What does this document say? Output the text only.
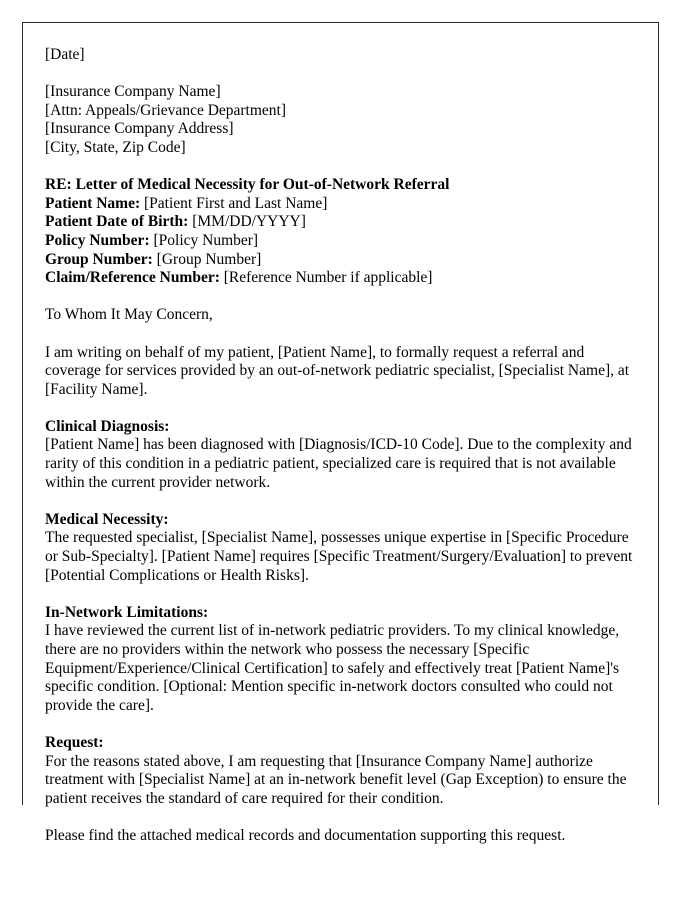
[Date]
[Insurance Company Name]
[Attn: Appeals/Grievance Department]
[Insurance Company Address]
[City, State, Zip Code]
RE: Letter of Medical Necessity for Out-of-Network Referral
Patient Name: [Patient First and Last Name]
Patient Date of Birth: [MM/DD/YYYY]
Policy Number: [Policy Number]
Group Number: [Group Number]
Claim/Reference Number: [Reference Number if applicable]
To Whom It May Concern,

I am writing on behalf of my patient, [Patient Name], to formally request a referral and coverage for services provided by an out-of-network pediatric specialist, [Specialist Name], at [Facility Name].

Clinical Diagnosis:

[Patient Name] has been diagnosed with [Diagnosis/ICD-10 Code]. Due to the complexity and rarity of this condition in a pediatric patient, specialized care is required that is not available within the current provider network.

Medical Necessity:

The requested specialist, [Specialist Name], possesses unique expertise in [Specific Procedure or Sub-Specialty]. [Patient Name] requires [Specific Treatment/Surgery/Evaluation] to prevent [Potential Complications or Health Risks].

In-Network Limitations:

I have reviewed the current list of in-network pediatric providers. To my clinical knowledge, there are no providers within the network who possess the necessary [Specific Equipment/Experience/Clinical Certification] to safely and effectively treat [Patient Name]'s specific condition. [Optional: Mention specific in-network doctors consulted who could not provide the care].

Request:

For the reasons stated above, I am requesting that [Insurance Company Name] authorize treatment with [Specialist Name] at an in-network benefit level (Gap Exception) to ensure the patient receives the standard of care required for their condition.

Please find the attached medical records and documentation supporting this request.
